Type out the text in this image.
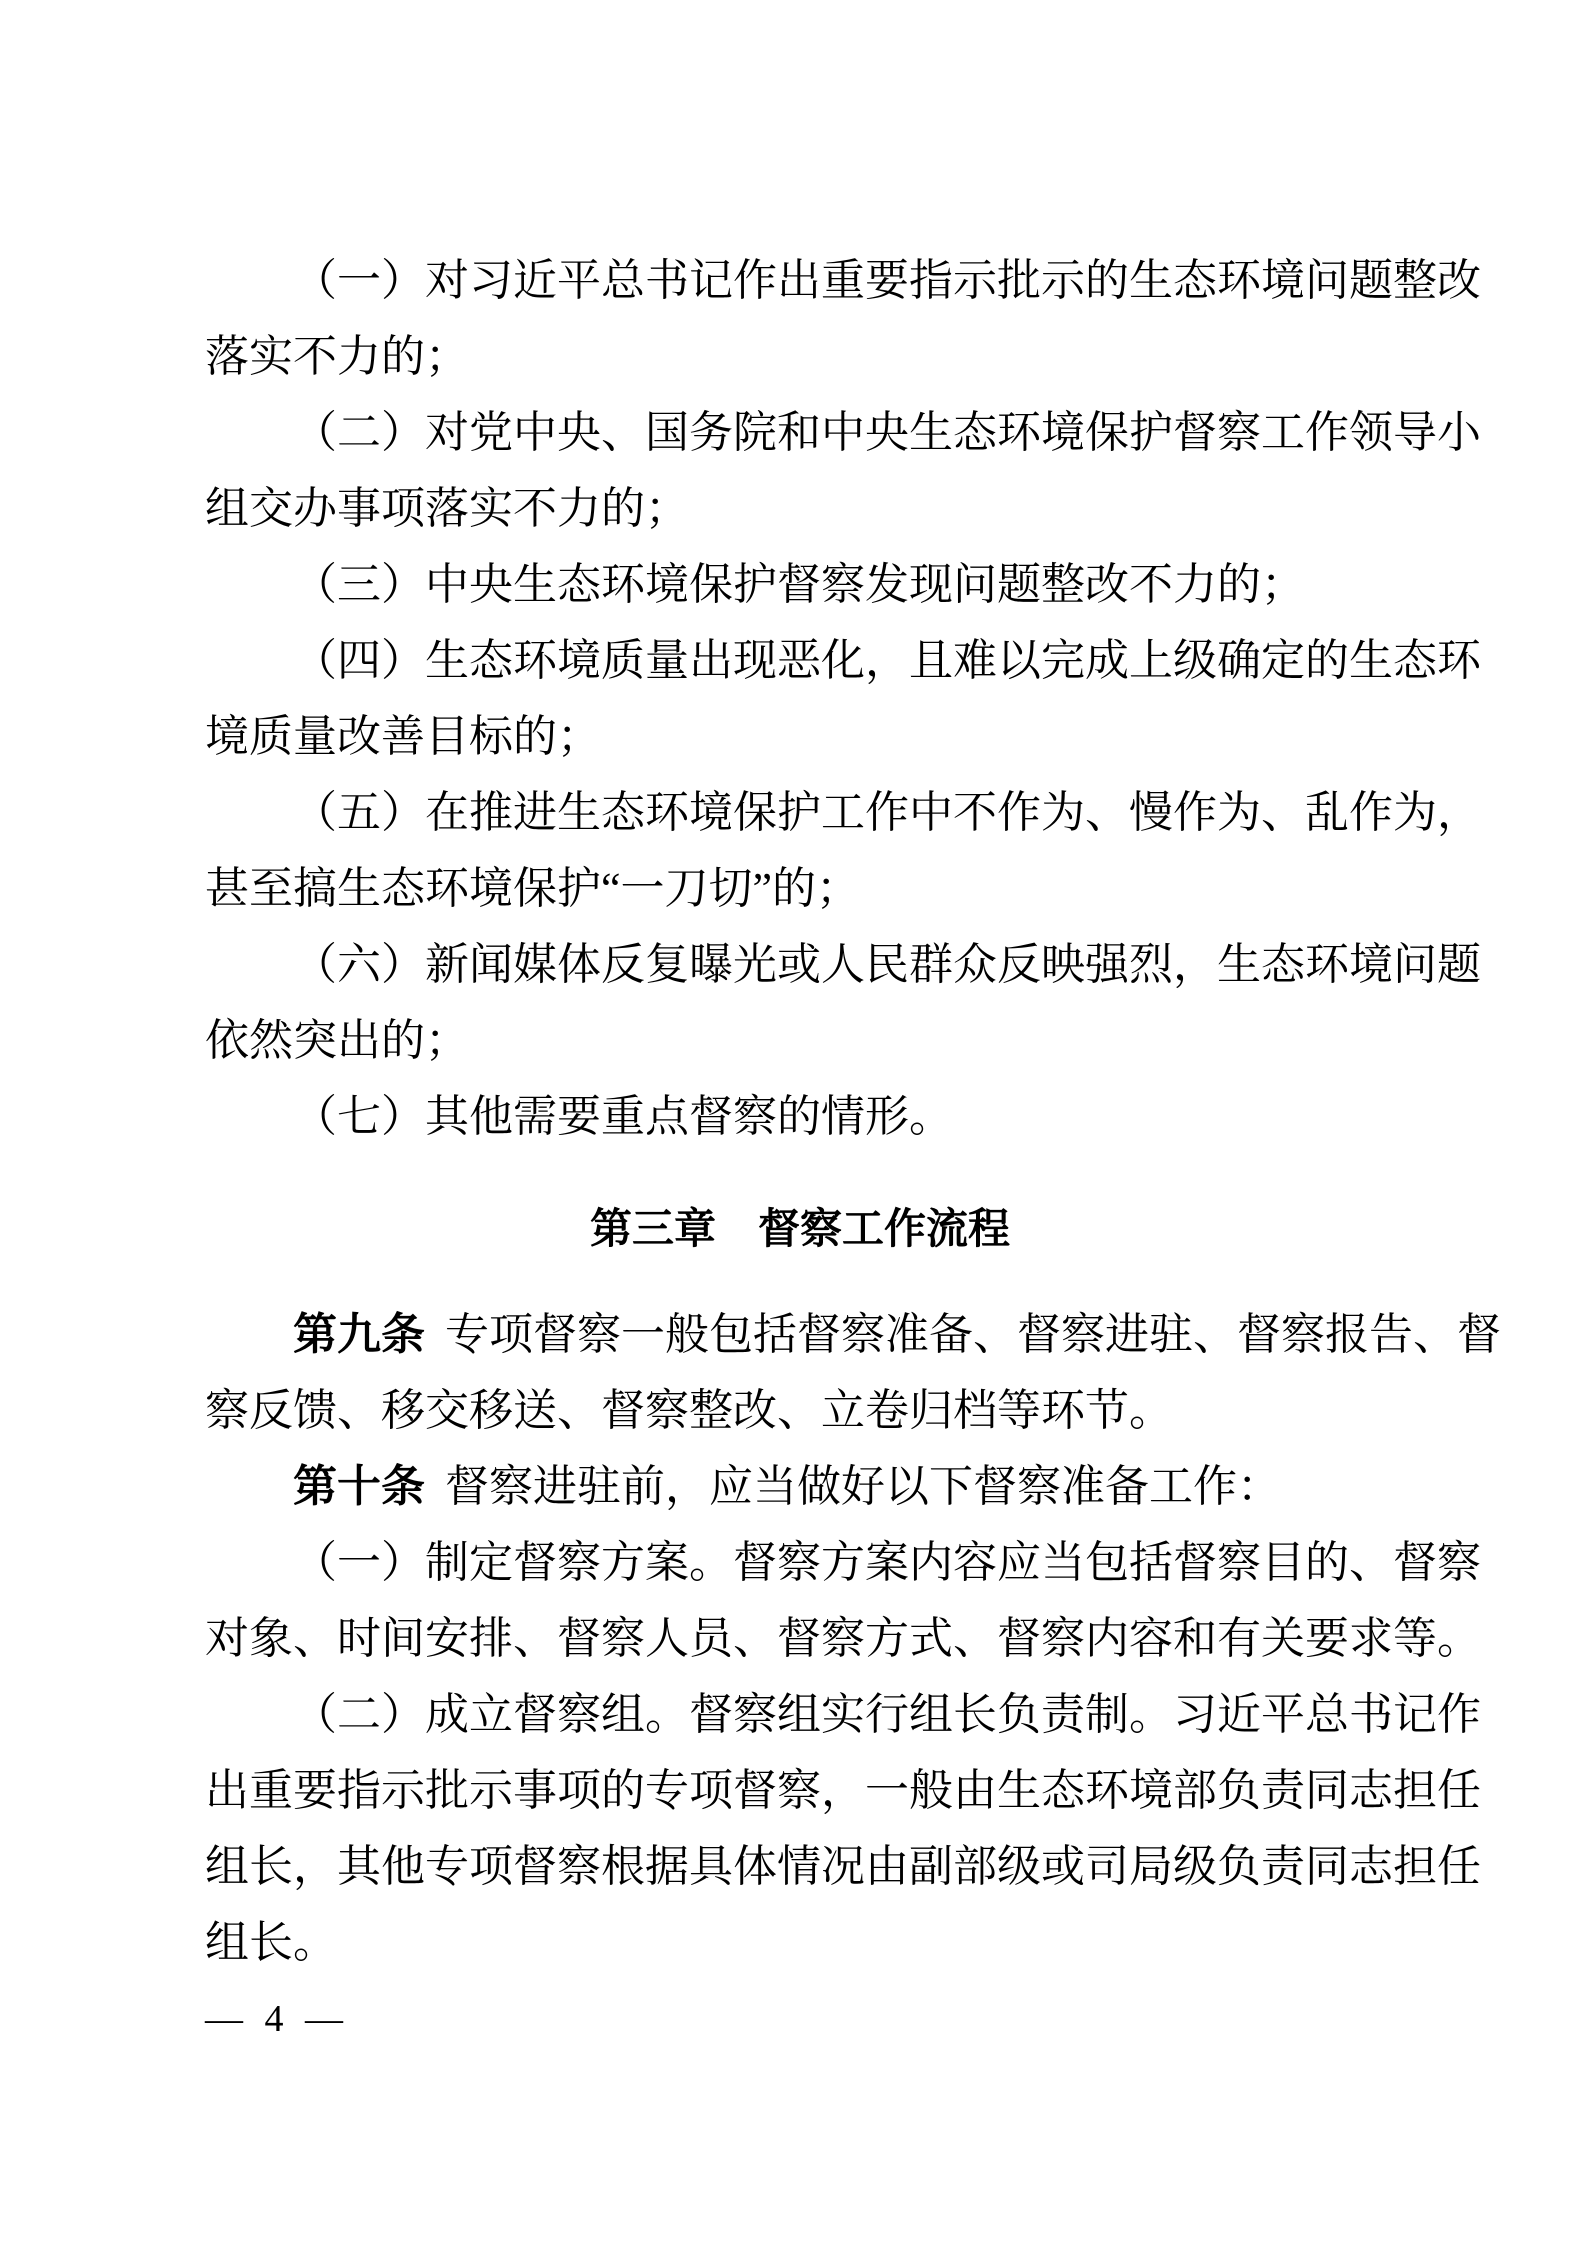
（一）对习近平总书记作出重要指示批示的生态环境问题整改
落实不力的；
（二）对党中央、国务院和中央生态环境保护督察工作领导小
组交办事项落实不力的；
（三）中央生态环境保护督察发现问题整改不力的；
（四）生态环境质量出现恶化，且难以完成上级确定的生态环
境质量改善目标的；
（五）在推进生态环境保护工作中不作为、慢作为、乱作为，
甚至搞生态环境保护“一刀切”的；
（六）新闻媒体反复曝光或人民群众反映强烈，生态环境问题
依然突出的；
（七）其他需要重点督察的情形。
第三章　督察工作流程
第九条 专项督察一般包括督察准备、督察进驻、督察报告、督
察反馈、移交移送、督察整改、立卷归档等环节。
第十条 督察进驻前，应当做好以下督察准备工作：
（一）制定督察方案。督察方案内容应当包括督察目的、督察
对象、时间安排、督察人员、督察方式、督察内容和有关要求等。
（二）成立督察组。督察组实行组长负责制。习近平总书记作
出重要指示批示事项的专项督察，一般由生态环境部负责同志担任
组长，其他专项督察根据具体情况由副部级或司局级负责同志担任
组长。
— 4 —
